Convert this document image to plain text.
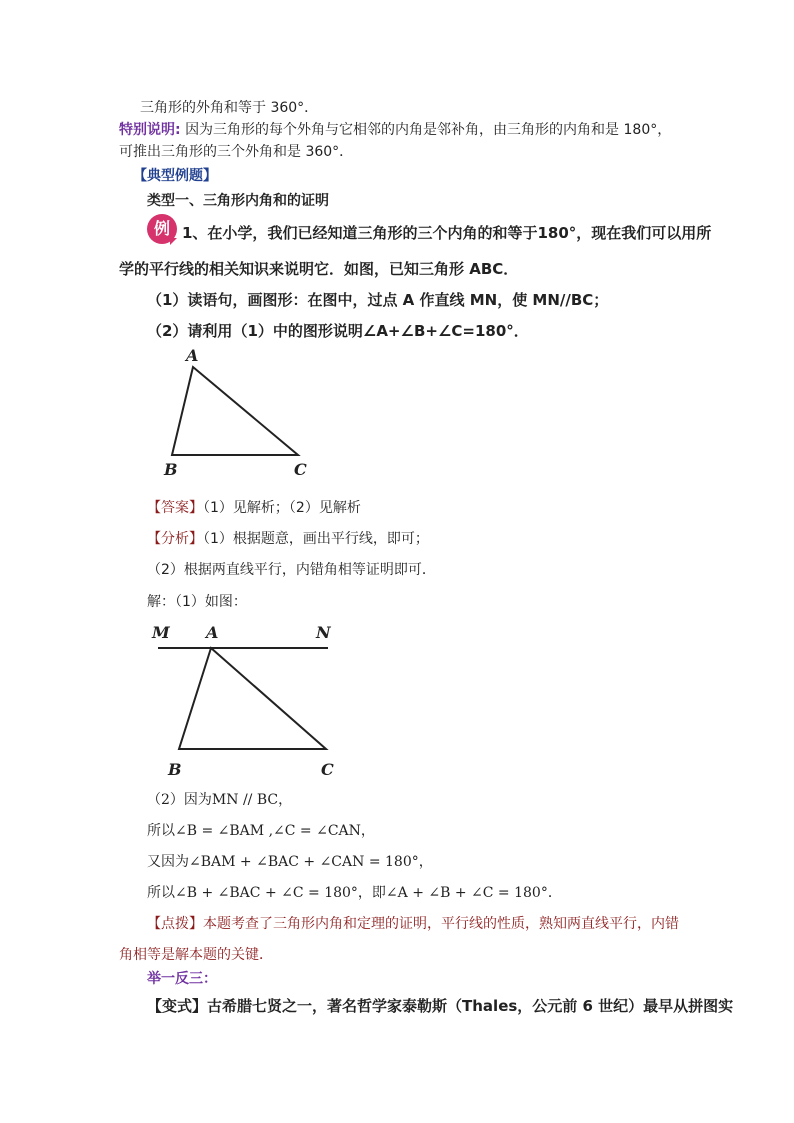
三角形的外角和等于 360°．
特别说明: 因为三角形的每个外角与它相邻的内角是邻补角，由三角形的内角和是 180°，
可推出三角形的三个外角和是 360°．
【典型例题】
类型一、三角形内角和的证明
例 1、在小学，我们已经知道三角形的三个内角的和等于180°，现在我们可以用所
学的平行线的相关知识来说明它．如图，已知三角形 ABC．
（1）读语句，画图形：在图中，过点 A 作直线 MN，使 MN//BC；
（2）请利用（1）中的图形说明∠A+∠B+∠C=180°．
A
B	C
【答案】（1）见解析；（2）见解析
【分析】（1）根据题意，画出平行线，即可；
（2）根据两直线平行，内错角相等证明即可．
解：（1）如图：
M A	N
B	C
（2）因为MN // BC，
所以∠B = ∠BAM ,∠C = ∠CAN，
又因为∠BAM + ∠BAC + ∠CAN = 180°，
所以∠B + ∠BAC + ∠C = 180°，即∠A + ∠B + ∠C = 180°．
【点拨】本题考查了三角形内角和定理的证明，平行线的性质，熟知两直线平行，内错
角相等是解本题的关键．
举一反三：
【变式】古希腊七贤之一，著名哲学家泰勒斯（Thales，公元前 6 世纪）最早从拼图实
